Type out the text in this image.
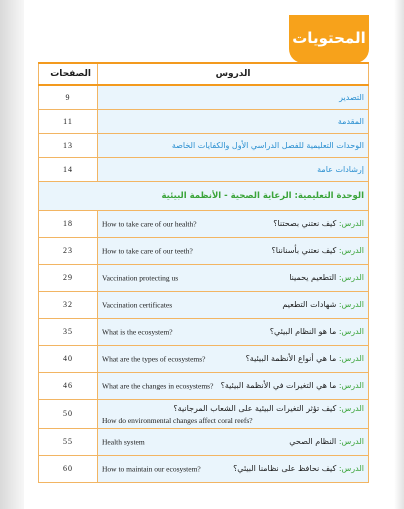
المحتويات
الدروس	الصفحات

التصدير	9

المقدمة	11

الوحدات التعليمية للفصل الدراسي الأول والكفايات الخاصة	13

إرشادات عامة	14

الوحدة التعليمية: الرعاية الصحية - الأنظمة البيئية	

الدرس: كيف نعتني بصحتنا؟
How to take care of our health?	18

الدرس: كيف نعتني بأسناننا؟
How to take care of our teeth?	23

الدرس: التطعيم يحمينا
Vaccination protecting us	29

الدرس: شهادات التطعيم
Vaccination certificates	32

الدرس: ما هو النظام البيئي؟
What is the ecosystem?	35

الدرس: ما هي أنواع الأنظمة البيئية؟
What are the types of ecosystems?	40

الدرس: ما هي التغيرات في الأنظمة البيئية؟
What are the changes in ecosystems?	46

الدرس: كيف تؤثر التغيرات البيئية على الشعاب المرجانية؟
How do environmental changes affect coral reefs?	50

الدرس: النظام الصحي
Health system	55

الدرس: كيف نحافظ على نظامنا البيئي؟
How to maintain our ecosystem?	60
